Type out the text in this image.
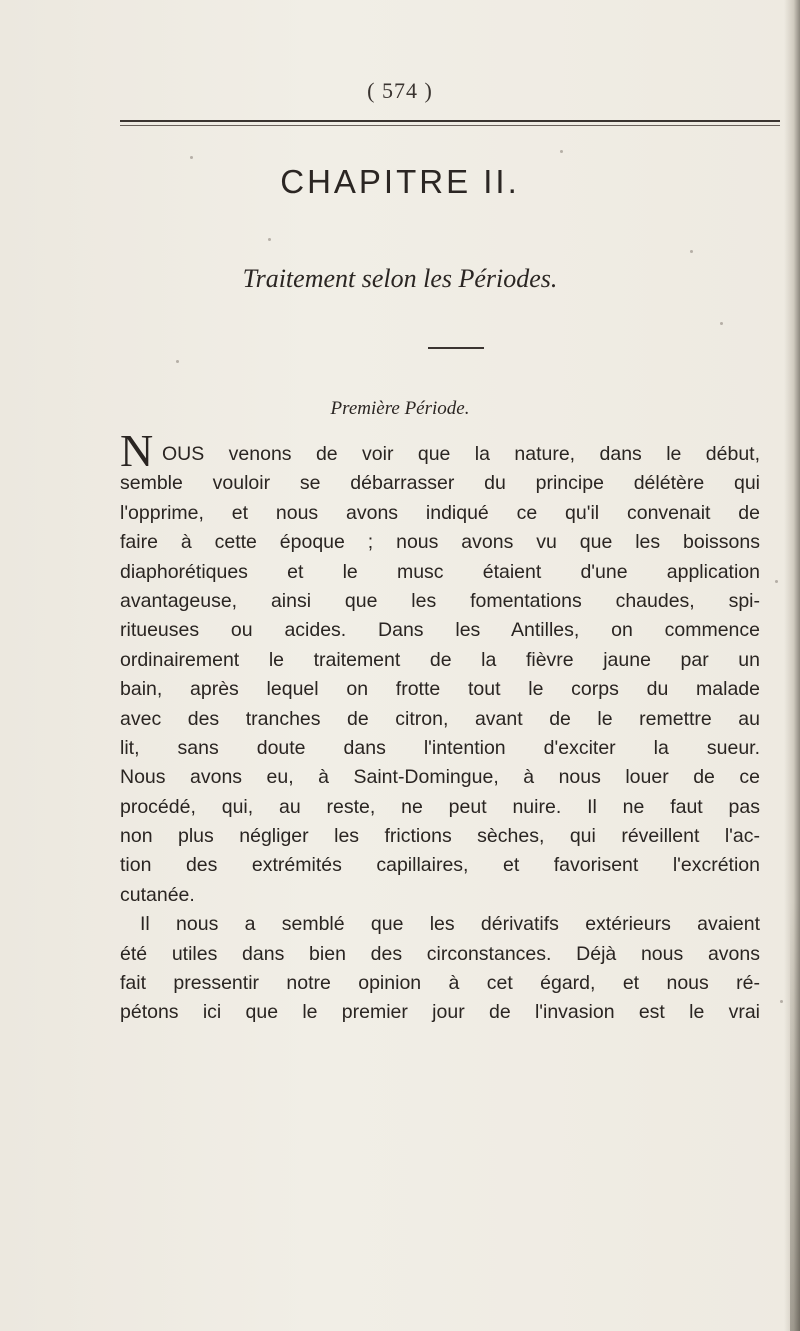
( 574 )
CHAPITRE II.
Traitement selon les Périodes.
Première Période.
N OUS venons de voir que la nature, dans le début,
semble vouloir se débarrasser du principe délétère qui
l'opprime, et nous avons indiqué ce qu'il convenait de
faire à cette époque ; nous avons vu que les boissons
diaphorétiques et le musc étaient d'une application
avantageuse, ainsi que les fomentations chaudes, spi-
ritueuses ou acides. Dans les Antilles, on commence
ordinairement le traitement de la fièvre jaune par un
bain, après lequel on frotte tout le corps du malade
avec des tranches de citron, avant de le remettre au
lit, sans doute dans l'intention d'exciter la sueur.
Nous avons eu, à Saint-Domingue, à nous louer de ce
procédé, qui, au reste, ne peut nuire. Il ne faut pas
non plus négliger les frictions sèches, qui réveillent l'ac-
tion des extrémités capillaires, et favorisent l'excrétion
cutanée.
Il nous a semblé que les dérivatifs extérieurs avaient
été utiles dans bien des circonstances. Déjà nous avons
fait pressentir notre opinion à cet égard, et nous ré-
pétons ici que le premier jour de l'invasion est le vrai
